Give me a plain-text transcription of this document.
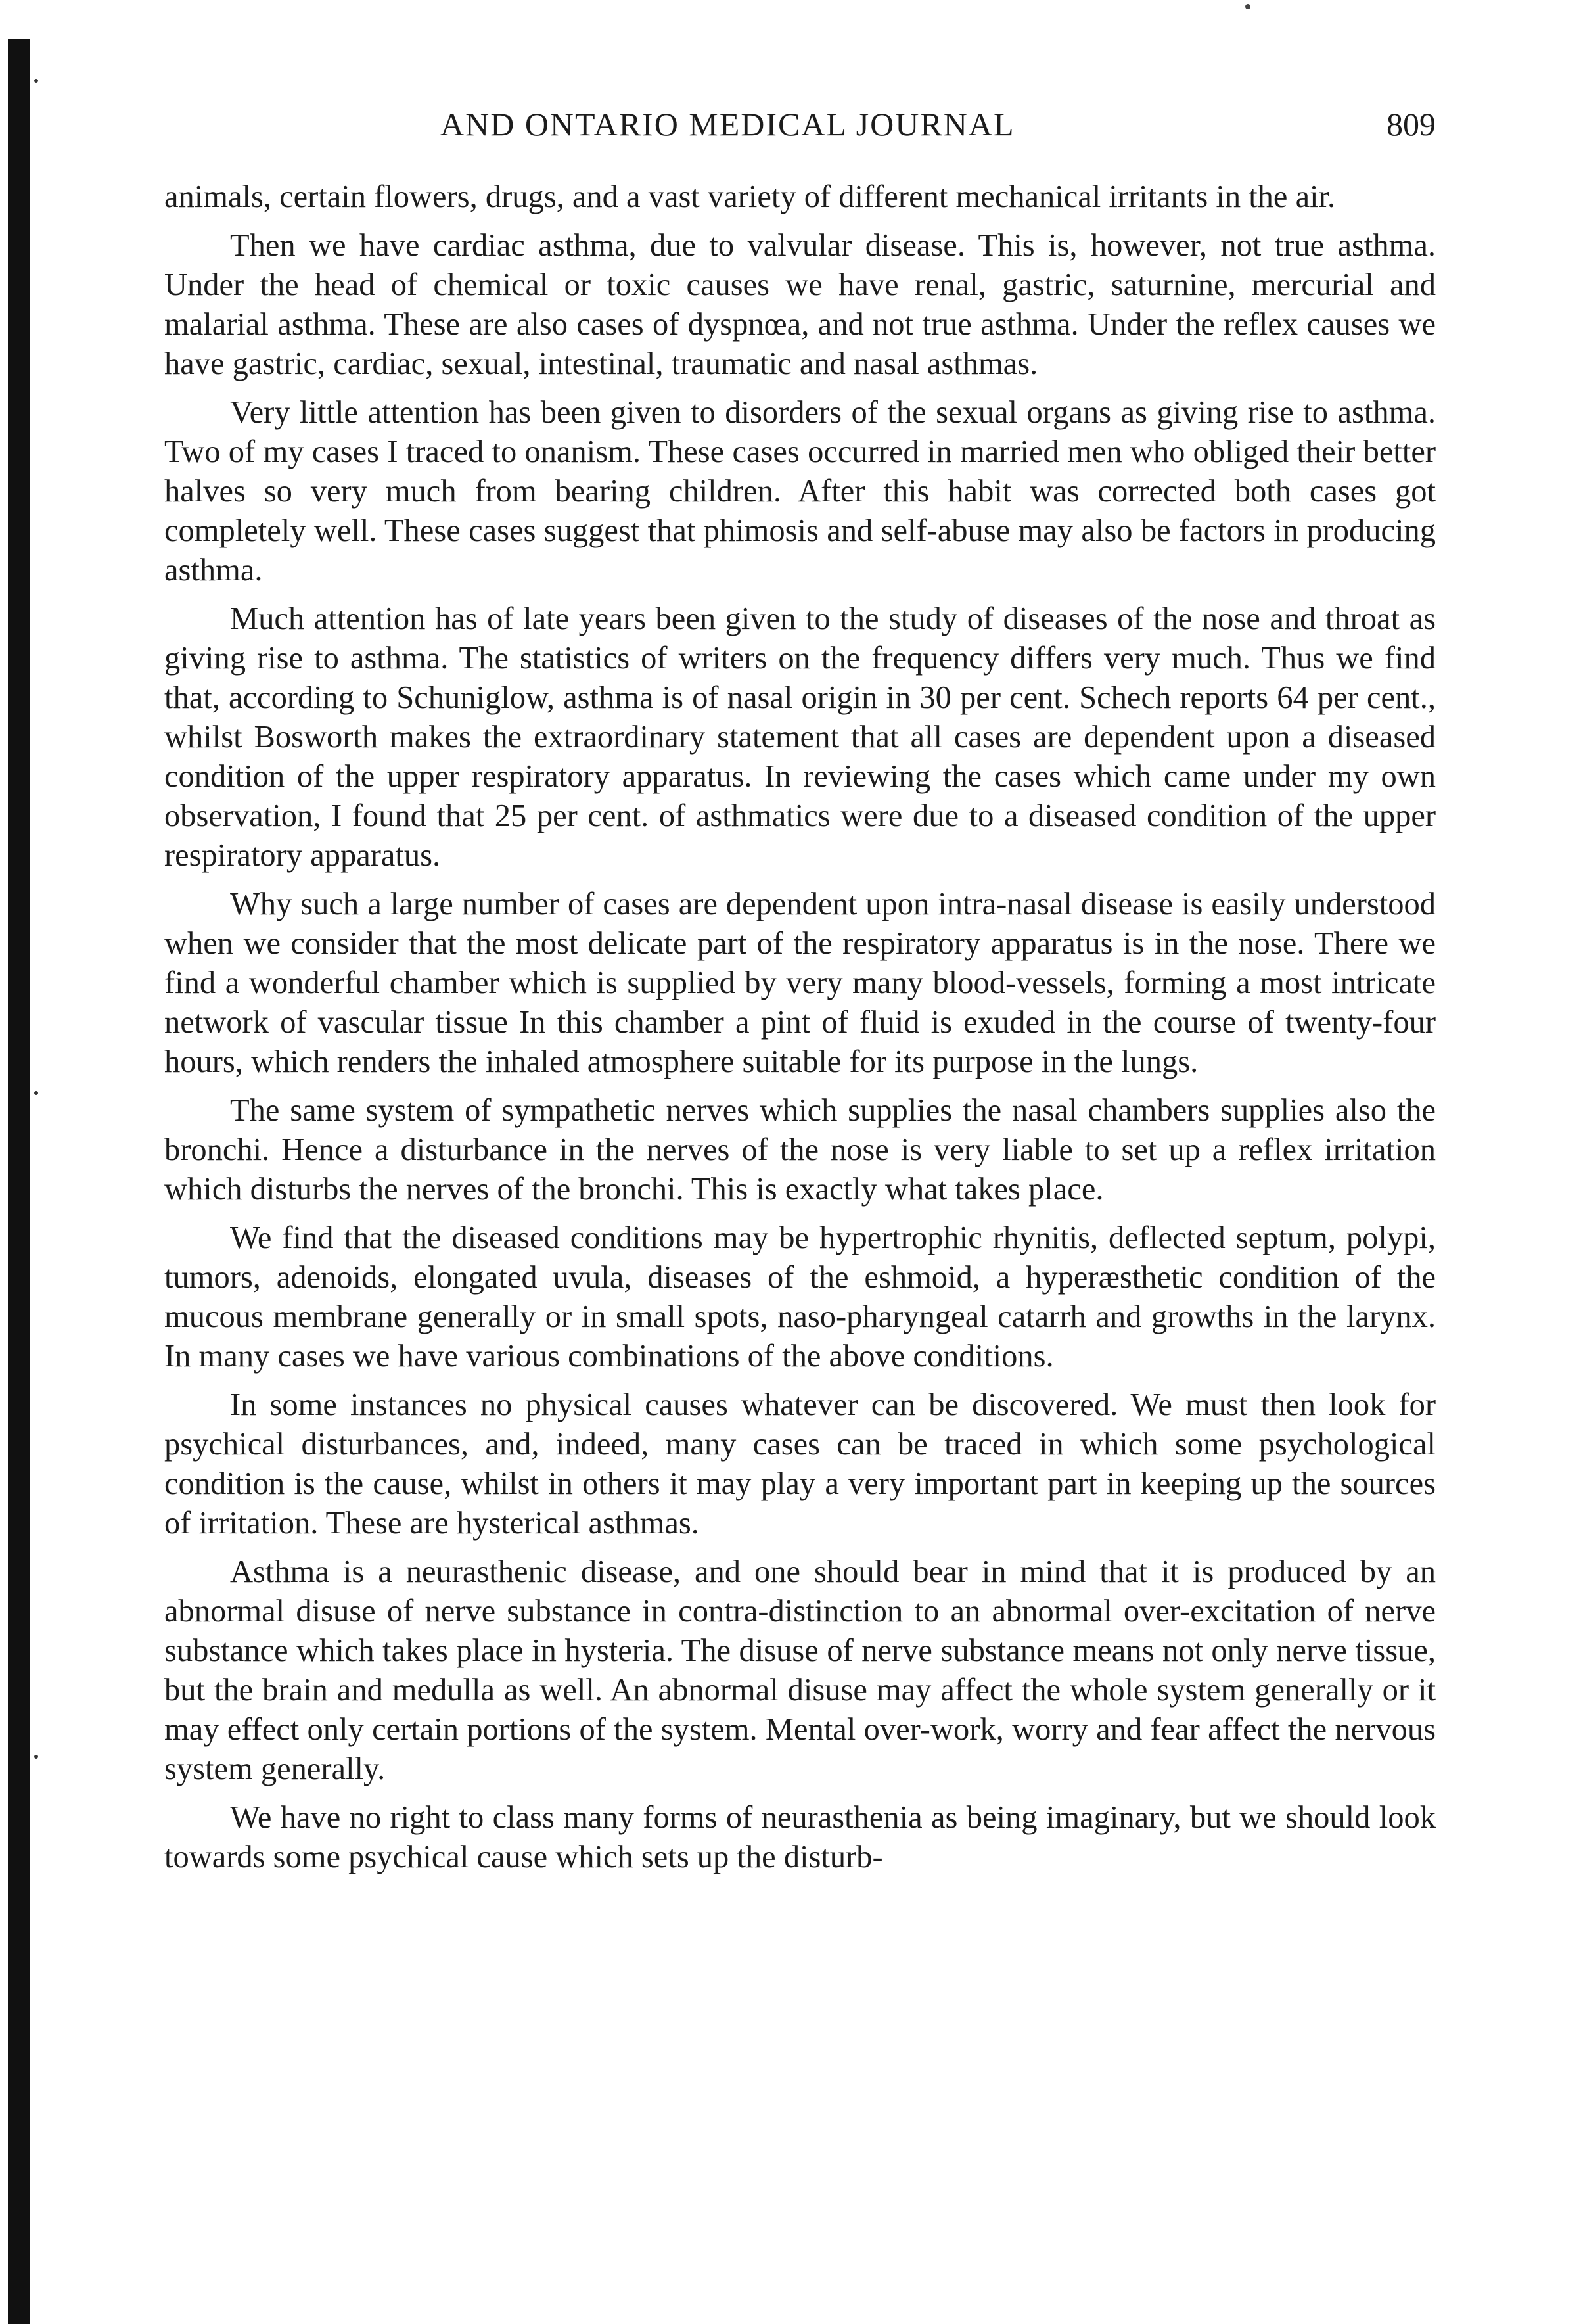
AND ONTARIO MEDICAL JOURNAL	809

animals, certain flowers, drugs, and a vast variety of different mechanical irritants in the air.

Then we have cardiac asthma, due to valvular disease. This is, however, not true asthma. Under the head of chemical or toxic causes we have renal, gastric, saturnine, mercurial and malarial asthma. These are also cases of dyspnœa, and not true asthma. Under the reflex causes we have gastric, cardiac, sexual, intestinal, traumatic and nasal asthmas.

Very little attention has been given to disorders of the sexual organs as giving rise to asthma. Two of my cases I traced to onanism. These cases occurred in married men who obliged their better halves so very much from bearing children. After this habit was corrected both cases got completely well. These cases suggest that phimosis and self-abuse may also be factors in producing asthma.

Much attention has of late years been given to the study of diseases of the nose and throat as giving rise to asthma. The statistics of writers on the frequency differs very much. Thus we find that, according to Schuniglow, asthma is of nasal origin in 30 per cent. Schech reports 64 per cent., whilst Bosworth makes the extraordinary statement that all cases are dependent upon a diseased condition of the upper respiratory apparatus. In reviewing the cases which came under my own observation, I found that 25 per cent. of asthmatics were due to a diseased condition of the upper respiratory apparatus.

Why such a large number of cases are dependent upon intra-nasal disease is easily understood when we consider that the most delicate part of the respiratory apparatus is in the nose. There we find a wonderful chamber which is supplied by very many blood-vessels, forming a most intricate network of vascular tissue In this chamber a pint of fluid is exuded in the course of twenty-four hours, which renders the inhaled atmosphere suitable for its purpose in the lungs.

The same system of sympathetic nerves which supplies the nasal chambers supplies also the bronchi. Hence a disturbance in the nerves of the nose is very liable to set up a reflex irritation which disturbs the nerves of the bronchi. This is exactly what takes place.

We find that the diseased conditions may be hypertrophic rhynitis, deflected septum, polypi, tumors, adenoids, elongated uvula, diseases of the eshmoid, a hyperæsthetic condition of the mucous membrane generally or in small spots, naso-pharyngeal catarrh and growths in the larynx. In many cases we have various combinations of the above conditions.

In some instances no physical causes whatever can be discovered. We must then look for psychical disturbances, and, indeed, many cases can be traced in which some psychological condition is the cause, whilst in others it may play a very important part in keeping up the sources of irritation. These are hysterical asthmas.

Asthma is a neurasthenic disease, and one should bear in mind that it is produced by an abnormal disuse of nerve substance in contra-distinction to an abnormal over-excitation of nerve substance which takes place in hysteria. The disuse of nerve substance means not only nerve tissue, but the brain and medulla as well. An abnormal disuse may affect the whole system generally or it may effect only certain portions of the system. Mental over-work, worry and fear affect the nervous system generally.

We have no right to class many forms of neurasthenia as being imaginary, but we should look towards some psychical cause which sets up the disturb-
